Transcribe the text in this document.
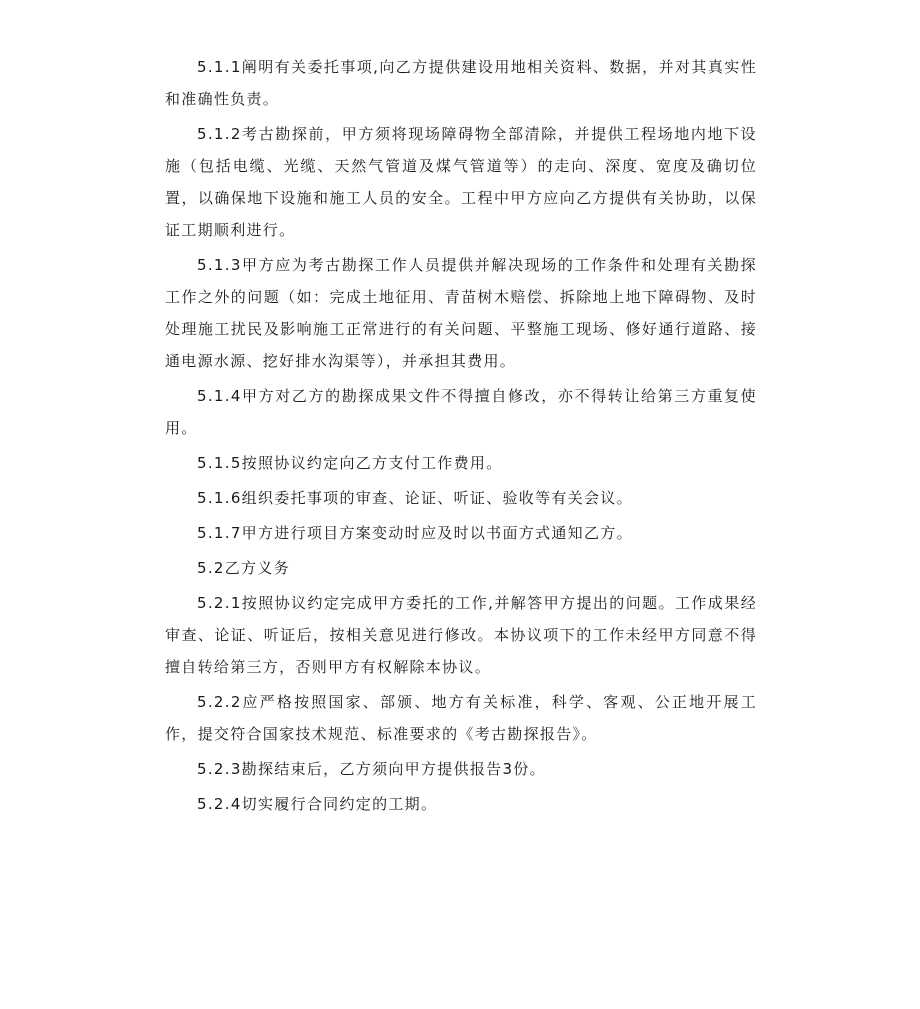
5.1.1阐明有关委托事项,向乙方提供建设用地相关资料、数据，并对其真实性和准确性负责。

5.1.2考古勘探前，甲方须将现场障碍物全部清除，并提供工程场地内地下设施（包括电缆、光缆、天然气管道及煤气管道等）的走向、深度、宽度及确切位置，以确保地下设施和施工人员的安全。工程中甲方应向乙方提供有关协助，以保证工期顺利进行。

5.1.3甲方应为考古勘探工作人员提供并解决现场的工作条件和处理有关勘探工作之外的问题（如：完成土地征用、青苗树木赔偿、拆除地上地下障碍物、及时处理施工扰民及影响施工正常进行的有关问题、平整施工现场、修好通行道路、接通电源水源、挖好排水沟渠等），并承担其费用。

5.1.4甲方对乙方的勘探成果文件不得擅自修改，亦不得转让给第三方重复使用。

5.1.5按照协议约定向乙方支付工作费用。

5.1.6组织委托事项的审查、论证、听证、验收等有关会议。

5.1.7甲方进行项目方案变动时应及时以书面方式通知乙方。

5.2乙方义务

5.2.1按照协议约定完成甲方委托的工作,并解答甲方提出的问题。工作成果经审查、论证、听证后，按相关意见进行修改。本协议项下的工作未经甲方同意不得擅自转给第三方，否则甲方有权解除本协议。

5.2.2应严格按照国家、部颁、地方有关标准，科学、客观、公正地开展工作，提交符合国家技术规范、标准要求的《考古勘探报告》。

5.2.3勘探结束后，乙方须向甲方提供报告3份。

5.2.4切实履行合同约定的工期。
